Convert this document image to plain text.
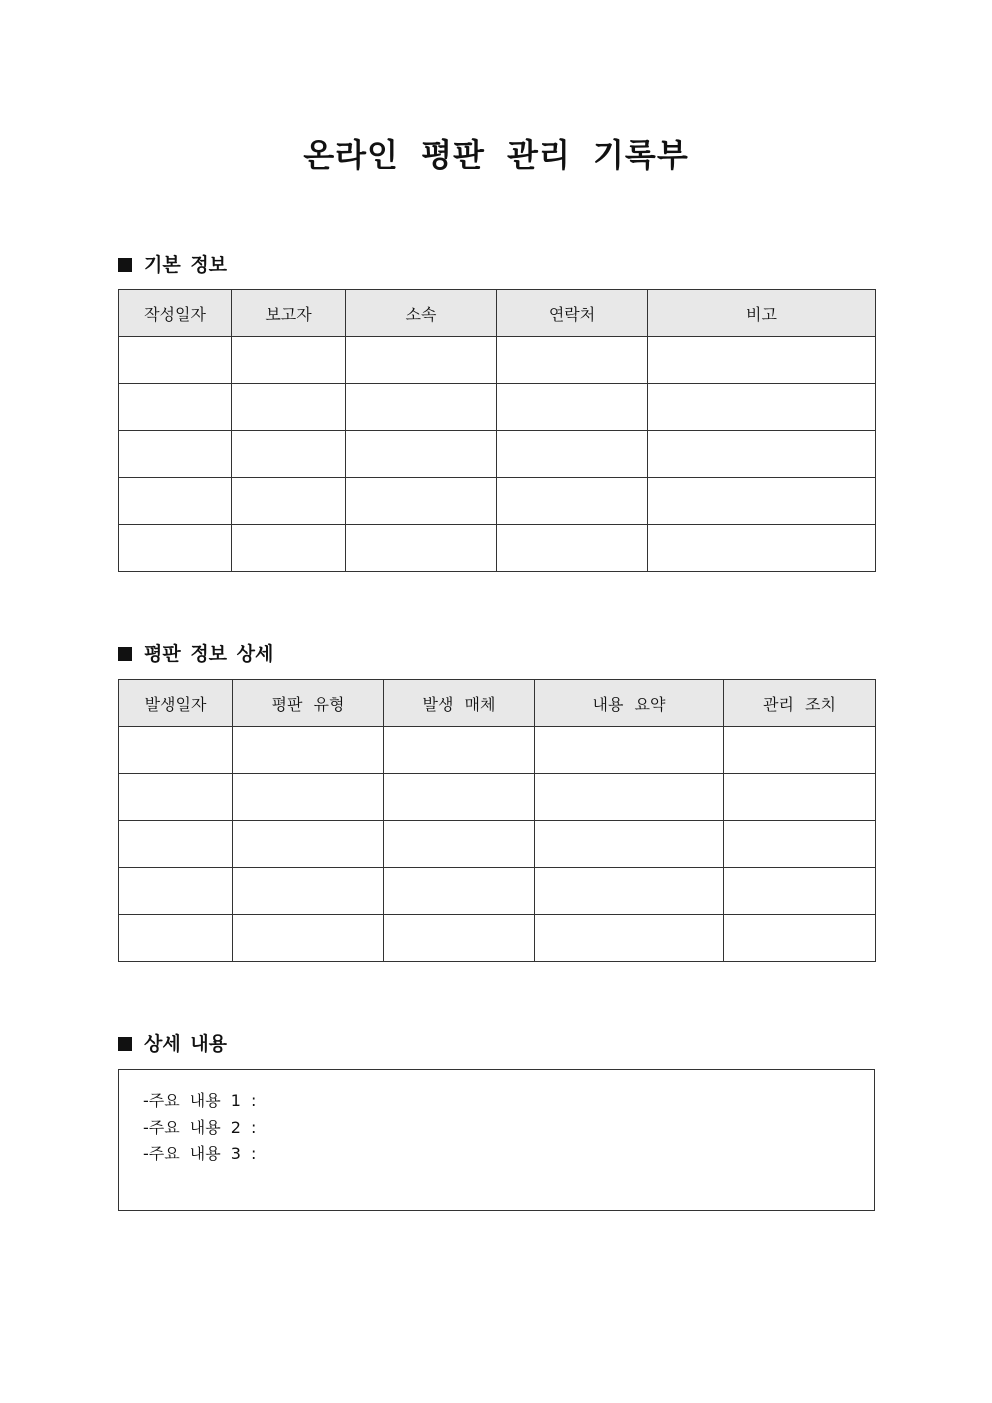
온라인 평판 관리 기록부
기본 정보
작성일자	보고자	소속	연락처	비고

평판 정보 상세
발생일자	평판 유형	발생 매체	내용 요약	관리 조치

상세 내용
-주요 내용 1 :
-주요 내용 2 :
-주요 내용 3 :
